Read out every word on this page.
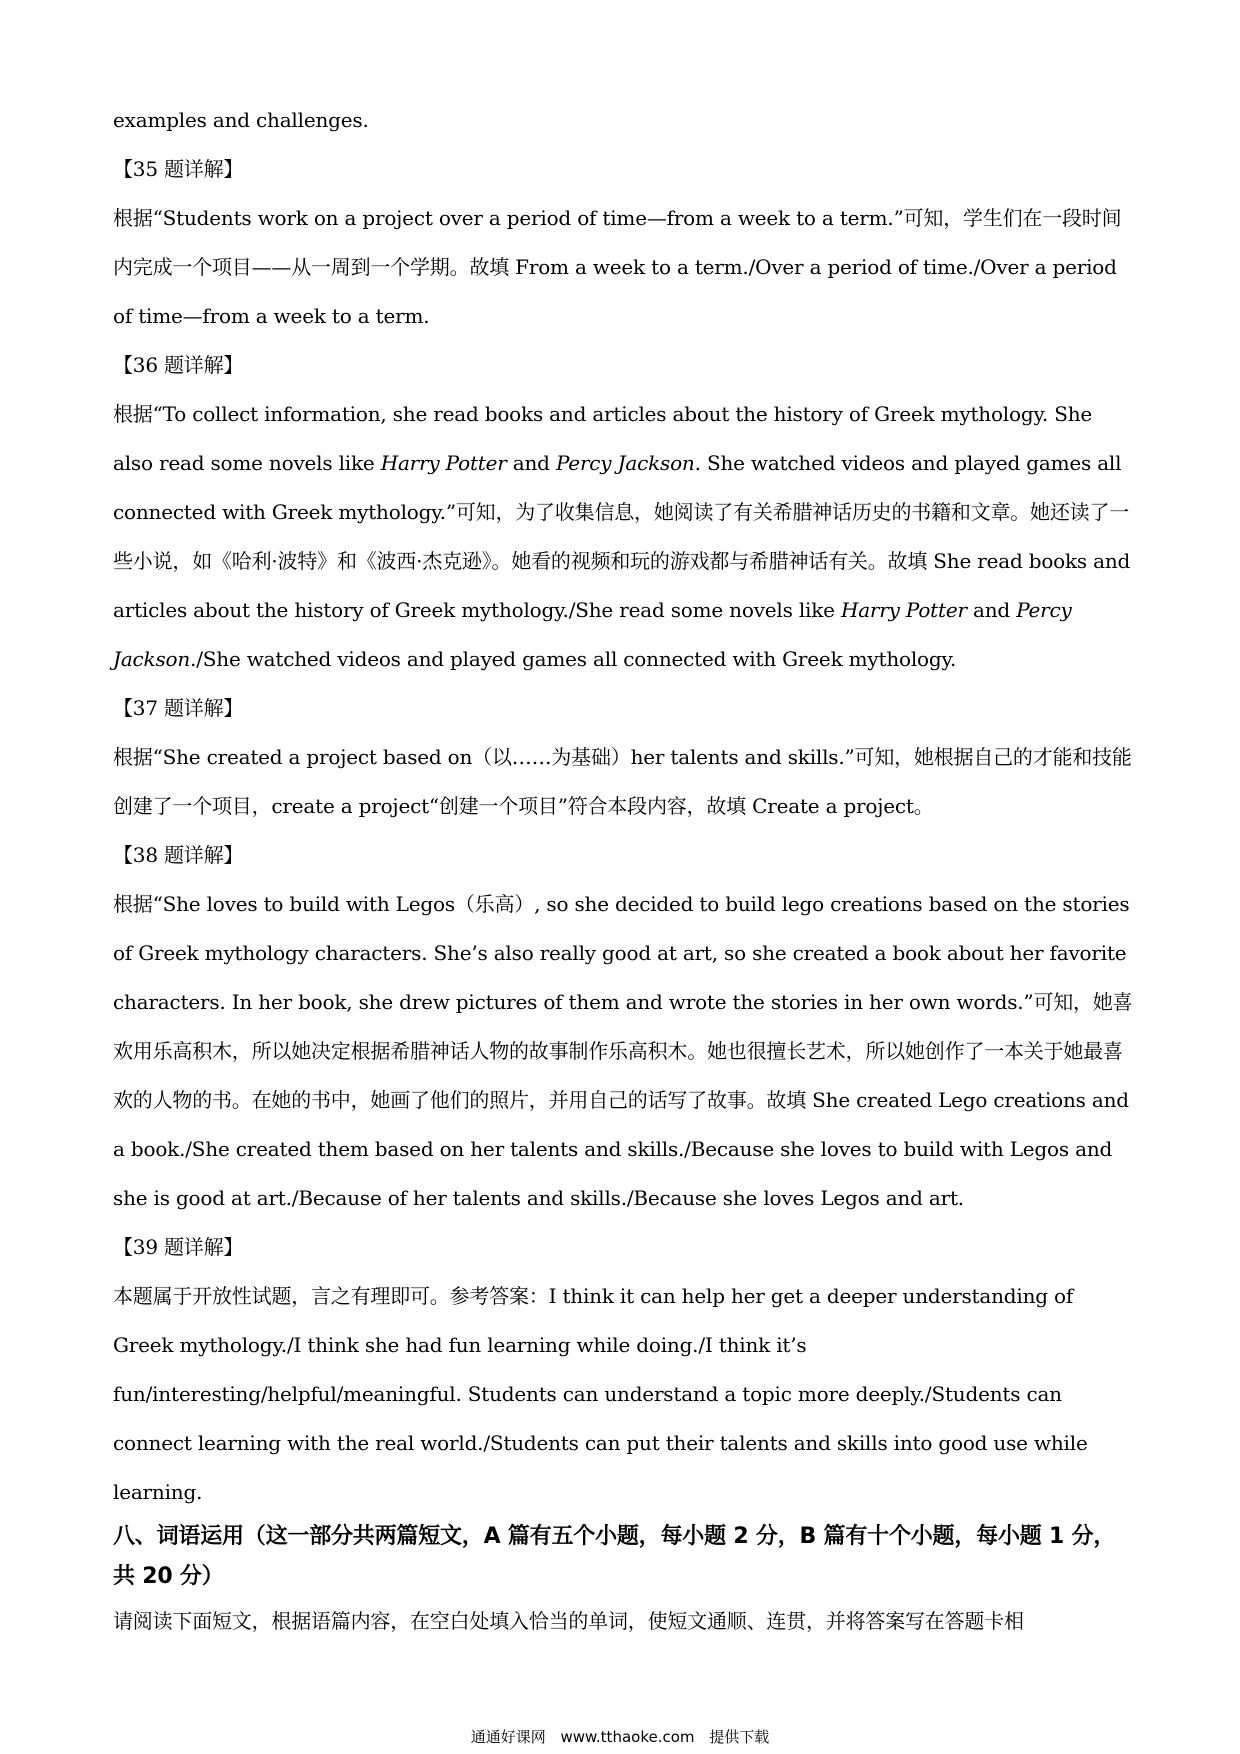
examples and challenges.

【35 题详解】

根据“Students work on a project over a period of time—from a week to a term.”可知，学生们在一段时间内完成一个项目——从一周到一个学期。故填 From a week to a term./Over a period of time./Over a period of time—from a week to a term.

【36 题详解】

根据“To collect information, she read books and articles about the history of Greek mythology. She also read some novels like Harry Potter and Percy Jackson. She watched videos and played games all connected with Greek mythology.”可知，为了收集信息，她阅读了有关希腊神话历史的书籍和文章。她还读了一些小说，如《哈利·波特》和《波西·杰克逊》。她看的视频和玩的游戏都与希腊神话有关。故填 She read books and articles about the history of Greek mythology./She read some novels like Harry Potter and Percy Jackson./She watched videos and played games all connected with Greek mythology.

【37 题详解】

根据“She created a project based on（以……为基础）her talents and skills.”可知，她根据自己的才能和技能创建了一个项目，create a project“创建一个项目”符合本段内容，故填 Create a project。

【38 题详解】

根据“She loves to build with Legos（乐高）, so she decided to build lego creations based on the stories of Greek mythology characters. She’s also really good at art, so she created a book about her favorite characters. In her book, she drew pictures of them and wrote the stories in her own words.”可知，她喜欢用乐高积木，所以她决定根据希腊神话人物的故事制作乐高积木。她也很擅长艺术，所以她创作了一本关于她最喜欢的人物的书。在她的书中，她画了他们的照片，并用自己的话写了故事。故填 She created Lego creations and a book./She created them based on her talents and skills./Because she loves to build with Legos and she is good at art./Because of her talents and skills./Because she loves Legos and art.

【39 题详解】

本题属于开放性试题，言之有理即可。参考答案：I think it can help her get a deeper understanding of Greek mythology./I think she had fun learning while doing./I think it’s fun/interesting/helpful/meaningful. Students can understand a topic more deeply./Students can connect learning with the real world./Students can put their talents and skills into good use while learning.

八、词语运用（这一部分共两篇短文，A 篇有五个小题，每小题 2 分，B 篇有十个小题，每小题 1 分，共 20 分）

请阅读下面短文，根据语篇内容，在空白处填入恰当的单词，使短文通顺、连贯，并将答案写在答题卡相

通通好课网 www.tthaoke.com 提供下载
